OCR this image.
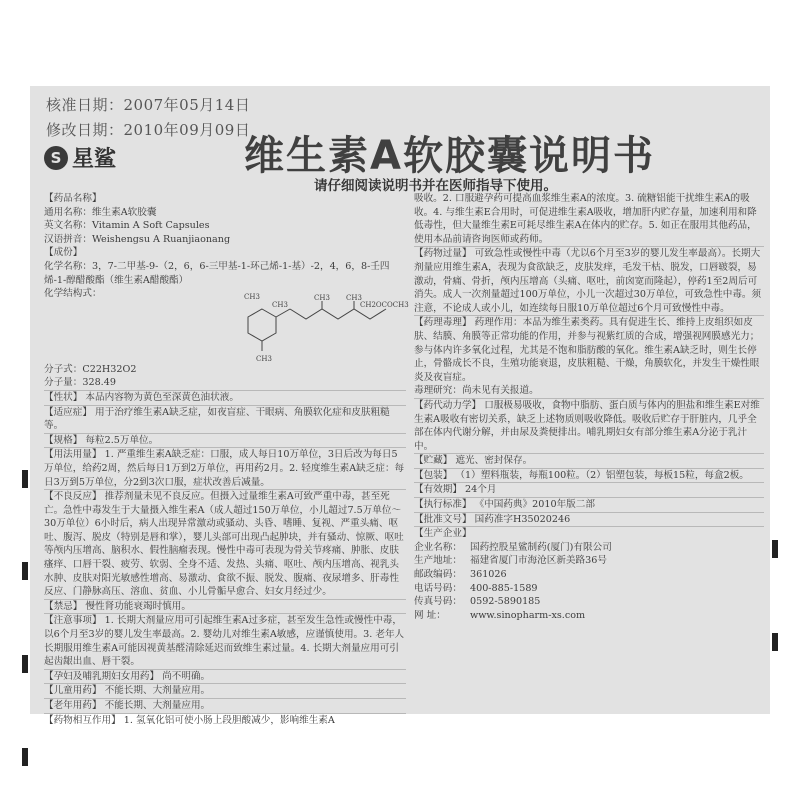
核准日期：2007年05月14日
修改日期：2010年09月09日
S 星鲨	维生素A软胶囊说明书
请仔细阅读说明书并在医师指导下使用。
【药品名称】
通用名称：维生素A软胶囊
英文名称：Vitamin A Soft Capsules
汉语拼音：Weishengsu A Ruanjiaonang
【成份】
化学名称：3，7-二甲基-9-（2，6，6-三甲基-1-环己烯-1-基）-2，4，6，8-壬四烯-1-醇醋酸酯（维生素A醋酸酯）
化学结构式：	CH3
CH3
CH3 CH3
CH3
CH2OCOCH3
分子式：C22H32O2
分子量：328.49
【性状】 本品内容物为黄色至深黄色油状液。
【适应症】 用于治疗维生素A缺乏症，如夜盲症、干眼病、角膜软化症和皮肤粗糙等。
【规格】 每粒2.5万单位。
【用法用量】 1. 严重维生素A缺乏症：口服，成人每日10万单位，3日后改为每日5万单位，给药2周，然后每日1万到2万单位，再用药2月。2. 轻度维生素A缺乏症：每日3万到5万单位，分2到3次口服，症状改善后减量。
【不良反应】 推荐剂量未见不良反应。但摄入过量维生素A可致严重中毒，甚至死亡。急性中毒发生于大量摄入维生素A（成人超过150万单位，小儿超过7.5万单位～30万单位）6小时后，病人出现异常激动或骚动、头昏、嗜睡、复视、严重头痛、呕吐、腹泻、脱皮（特别是唇和掌），婴儿头部可出现凸起肿块，并有骚动、惊厥、呕吐等颅内压增高、脑积水、假性脑瘤表现。慢性中毒可表现为骨关节疼痛、肿胀、皮肤瘙痒、口唇干裂、疲劳、软弱、全身不适、发热、头痛、呕吐、颅内压增高、视乳头水肿、皮肤对阳光敏感性增高、易激动、食欲不振、脱发、腹痛、夜尿增多、肝毒性反应、门静脉高压、溶血、贫血、小儿骨骺早愈合、妇女月经过少。
【禁忌】 慢性肾功能衰竭时慎用。
【注意事项】 1. 长期大剂量应用可引起维生素A过多症，甚至发生急性或慢性中毒，以6个月至3岁的婴儿发生率最高。2. 婴幼儿对维生素A敏感，应谨慎使用。3. 老年人长期服用维生素A可能因视黄基醛清除延迟而致维生素过量。4. 长期大剂量应用可引起齿龈出血、唇干裂。
【孕妇及哺乳期妇女用药】 尚不明确。
【儿童用药】 不能长期、大剂量应用。
【老年用药】 不能长期、大剂量应用。
【药物相互作用】 1. 氢氧化铝可使小肠上段胆酸减少，影响维生素A
吸收。2. 口服避孕药可提高血浆维生素A的浓度。3. 硫糖铝能干扰维生素A的吸收。4. 与维生素E合用时，可促进维生素A吸收，增加肝内贮存量，加速利用和降低毒性，但大量维生素E可耗尽维生素A在体内的贮存。5. 如正在服用其他药品，使用本品前请咨询医师或药师。
【药物过量】 可致急性或慢性中毒（尤以6个月至3岁的婴儿发生率最高）。长期大剂量应用维生素A，表现为食欲缺乏，皮肤发痒，毛发干枯、脱发，口唇皲裂，易激动，骨痛、骨折，颅内压增高（头痛、呕吐，前囟宽而隆起），停药1至2周后可消失。成人一次剂量超过100万单位，小儿一次超过30万单位，可致急性中毒。须注意，不论成人或小儿，如连续每日服10万单位超过6个月可致慢性中毒。
【药理毒理】 药理作用：本品为维生素类药。具有促进生长、维持上皮组织如皮肤、结膜、角膜等正常功能的作用，并参与视紫红质的合成，增强视网膜感光力；参与体内许多氧化过程，尤其是不饱和脂肪酸的氧化。维生素A缺乏时，则生长停止，骨骼成长不良，生殖功能衰退，皮肤粗糙、干燥，角膜软化，并发生干燥性眼炎及夜盲症。
毒理研究：尚未见有关报道。
【药代动力学】 口服极易吸收，食物中脂肪、蛋白质与体内的胆盐和维生素E对维生素A吸收有密切关系，缺乏上述物质则吸收降低。吸收后贮存于肝脏内，几乎全部在体内代谢分解，并由尿及粪便排出。哺乳期妇女有部分维生素A分泌于乳汁中。
【贮藏】 遮光、密封保存。
【包装】 （1）塑料瓶装，每瓶100粒。（2）铝塑包装，每板15粒，每盒2板。
【有效期】 24个月
【执行标准】 《中国药典》2010年版二部
【批准文号】 国药准字H35020246
【生产企业】
企业名称： 国药控股星鲨制药(厦门)有限公司
生产地址： 福建省厦门市海沧区新美路36号
邮政编码： 361026
电话号码： 400-885-1589
传真号码： 0592-5890185
网 址：	www.sinopharm-xs.com
